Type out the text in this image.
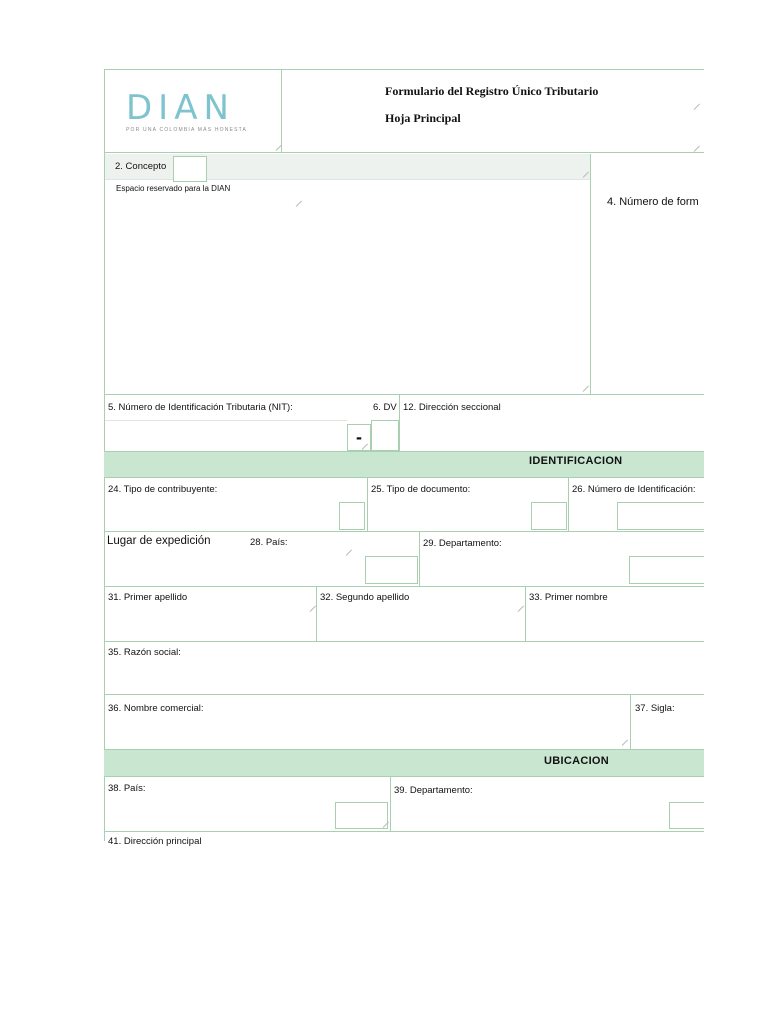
DIAN
POR UNA COLOMBIA MÁS HONESTA
Formulario del Registro Único Tributario
Hoja Principal
2. Concepto
Espacio reservado para la DIAN
4. Número de form
5. Número de Identificación Tributaria (NIT):	6. DV
-
12. Dirección seccional
IDENTIFICACION
24. Tipo de contribuyente:	25. Tipo de documento:	26. Número de Identificación:
Lugar de expedición	28. País:	29. Departamento:
31. Primer apellido	32. Segundo apellido	33. Primer nombre
35. Razón social:
36. Nombre comercial:	37. Sigla:
UBICACION
38. País:	39. Departamento:
41. Dirección principal
